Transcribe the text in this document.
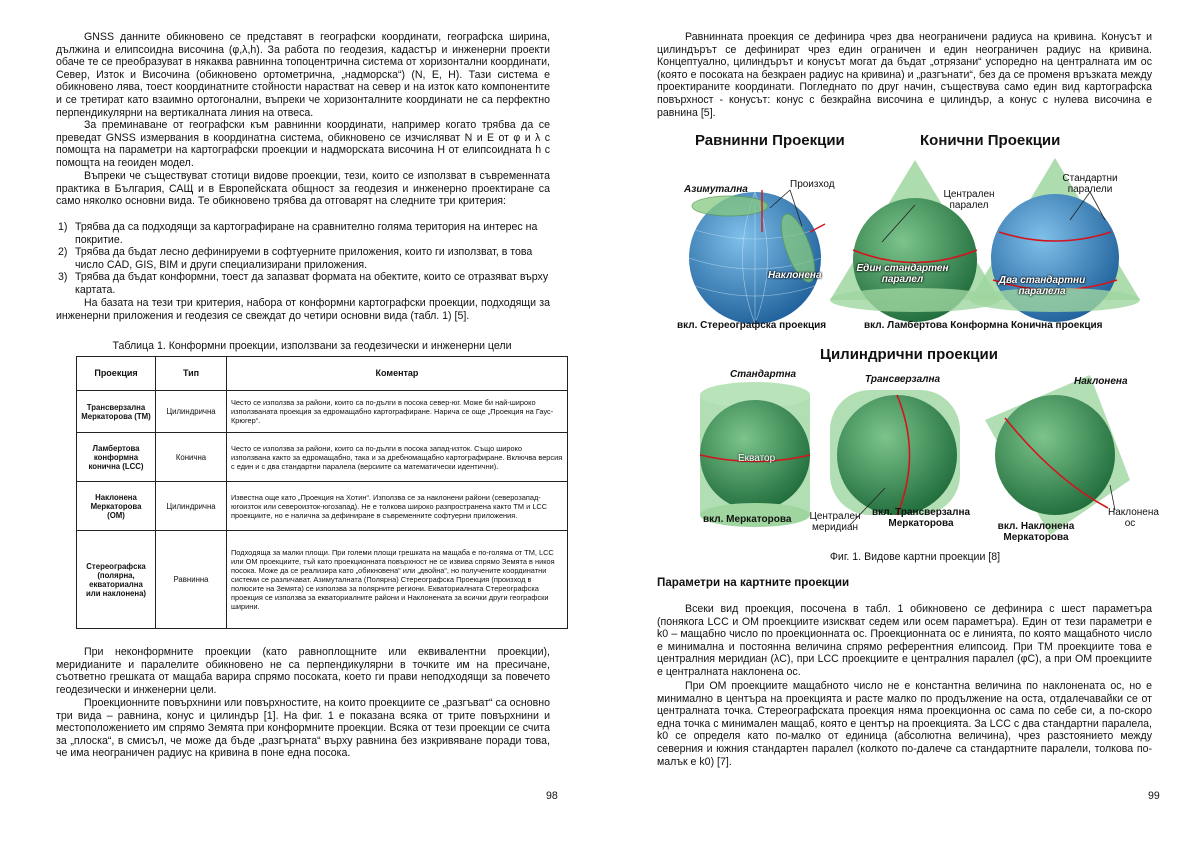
GNSS данните обикновено се представят в географски координати, географска ширина, дължина и елипсоидна височина (φ,λ,h). За работа по геодезия, кадастър и инженерни проекти обаче те се преобразуват в някаква равнинна топоцентрична система от хоризонтални координати, Север, Изток и Височина (обикновено ортометрична, „надморска“) (N, E, H). Тази система е обикновено лява, тоест координатните стойности нарастват на север и на изток като компонентите и се третират като взаимно ортогонални, въпреки че хоризонталните координати не са перфектно перпендикулярни на вертикалната линия на отвеса.

За преминаване от географски към равнинни координати, например когато трябва да се преведат GNSS измервания в координатна система, обикновено се изчисляват N и E от φ и λ с помощта на параметри на картографски проекции и надморската височина H от елипсоидната h с помощта на геоиден модел.

Въпреки че съществуват стотици видове проекции, тези, които се използват в съвременната практика в България, САЩ и в Европейската общност за геодезия и инженерно проектиране са само няколко основни вида. Те обикновено трябва да отговарят на следните три критерия:

1) Трябва да са подходящи за картографиране на сравнително голяма територия на интерес на покритие.
2) Трябва да бъдат лесно дефинируеми в софтуерните приложения, които ги използват, в това число CAD, GIS, BIM и други специализирани приложения.
3) Трябва да бъдат конформни, тоест да запазват формата на обектите, които се отразяват върху картата.

На базата на тези три критерия, набора от конформни картографски проекции, подходящи за инженерни приложения и геодезия се свеждат до четири основни вида (табл. 1) [5].

Таблица 1. Конформни проекции, използвани за геодезически и инженерни цели
Проекция	Тип	Коментар
Трансверзална Меркаторова (ТМ)	Цилиндрична	Често се използва за райони, които са по-дълги в посока север-юг. Може би най-широко използваната проекция за едромащабно картографиране. Нарича се още „Проекция на Гаус-Крюгер“.
Ламбертова конформна конична (LCC)	Конична	Често се използва за райони, които са по-дълги в посока запад-изток. Също широко използвана както за едромащабно, така и за дребномащабно картографиране. Включва версия с един и с два стандартни паралела (версиите са математически идентични).
Наклонена Меркаторова (ОМ)	Цилиндрична	Известна още като „Проекция на Хотин“. Използва се за наклонени райони (северозапад-югоизток или североизток-югозапад). Не е толкова широко разпространена както ТМ и LCC проекциите, но е налична за дефиниране в съвременните софтуерни приложения.
Стереографска (полярна, екваториална или наклонена)	Равнинна	Подходяща за малки площи. При големи площи грешката на мащаба е по-голяма от ТМ, LCC или ОМ проекциите, тъй като проекционната повърхност не се извива спрямо Земята в никоя посока. Може да се реализира като „обикновена“ или „двойна“, но получените координатни системи се различават. Азимуталната (Полярна) Стереографска Проекция (произход в полюсите на Земята) се използва за полярните региони. Екваториалната Стереографска проекция се използва за екваториалните райони и Наклонената за всички други географски ширини.

При неконформните проекции (като равноплощните или еквивалентни проекции), меридианите и паралелите обикновено не са перпендикулярни в точките им на пресичане, съответно грешката от мащаба варира спрямо посоката, което ги прави неподходящи за повечето геодезически и инженерни цели.

Проекционните повърхнини или повърхностите, на които проекциите се „разгъват“ са основно три вида – равнина, конус и цилиндър [1]. На фиг. 1 е показана всяка от трите повърхнини и местоположението им спрямо Земята при конформните проекции. Всяка от тези проекции се счита за „плоска“, в смисъл, че може да бъде „разгърната“ върху равнина без изкривяване поради това, че има неограничен радиус на кривина в поне една посока.

98

Равнинната проекция се дефинира чрез два неограничени радиуса на кривина. Конусът и цилиндърът се дефинират чрез един ограничен и един неограничен радиус на кривина. Концептуално, цилиндърът и конусът могат да бъдат „отрязани“ успоредно на централната им ос (която е посоката на безкраен радиус на кривина) и „разгънати“, без да се променя връзката между проектираните координати. Погледнато по друг начин, съществува само един вид картографска повърхност - конусът: конус с безкрайна височина е цилиндър, а конус с нулева височина е равнина [5].

Равнинни Проекции	Конични Проекции
Азимутална	Произход
Наклонена
Централен паралел
Стандартни паралели
Един стандартен паралел	Два стандартни паралела
вкл. Стереографска проекция	вкл. Ламбертова Конформна Конична проекция
Цилиндрични проекции
Стандартна	Трансверзална	Наклонена
Екватор
Централен меридиан
Наклонена ос
вкл. Меркаторова
вкл. Трансверзална Меркаторова	вкл. Наклонена Меркаторова
Фиг. 1. Видове картни проекции [8]
Параметри на картните проекции

Всеки вид проекция, посочена в табл. 1 обикновено се дефинира с шест параметъра (понякога LCC и OM проекциите изискват седем или осем параметъра). Един от тези параметри е k0 – мащабно число по проекционната ос. Проекционната ос е линията, по която мащабното число е минимална и постоянна величина спрямо референтния елипсоид. При ТМ проекциите това е централния меридиан (λC), при LCC проекциите е централния паралел (φC), а при ОМ проекциите е централната наклонена ос.

При ОМ проекциите мащабното число не е константна величина по наклонената ос, но е минимално в центъра на проекцията и расте малко по продължение на оста, отдалечавайки се от централната точка. Стереографската проекция няма проекционна ос сама по себе си, а по-скоро една точка с минимален мащаб, която е център на проекцията. За LCC с два стандартни паралела, k0 се определя като по-малко от единица (абсолютна величина), чрез разстоянието между северния и южния стандартен паралел (колкото по-далече са стандартните паралели, толкова по-малък е k0) [7].

99
